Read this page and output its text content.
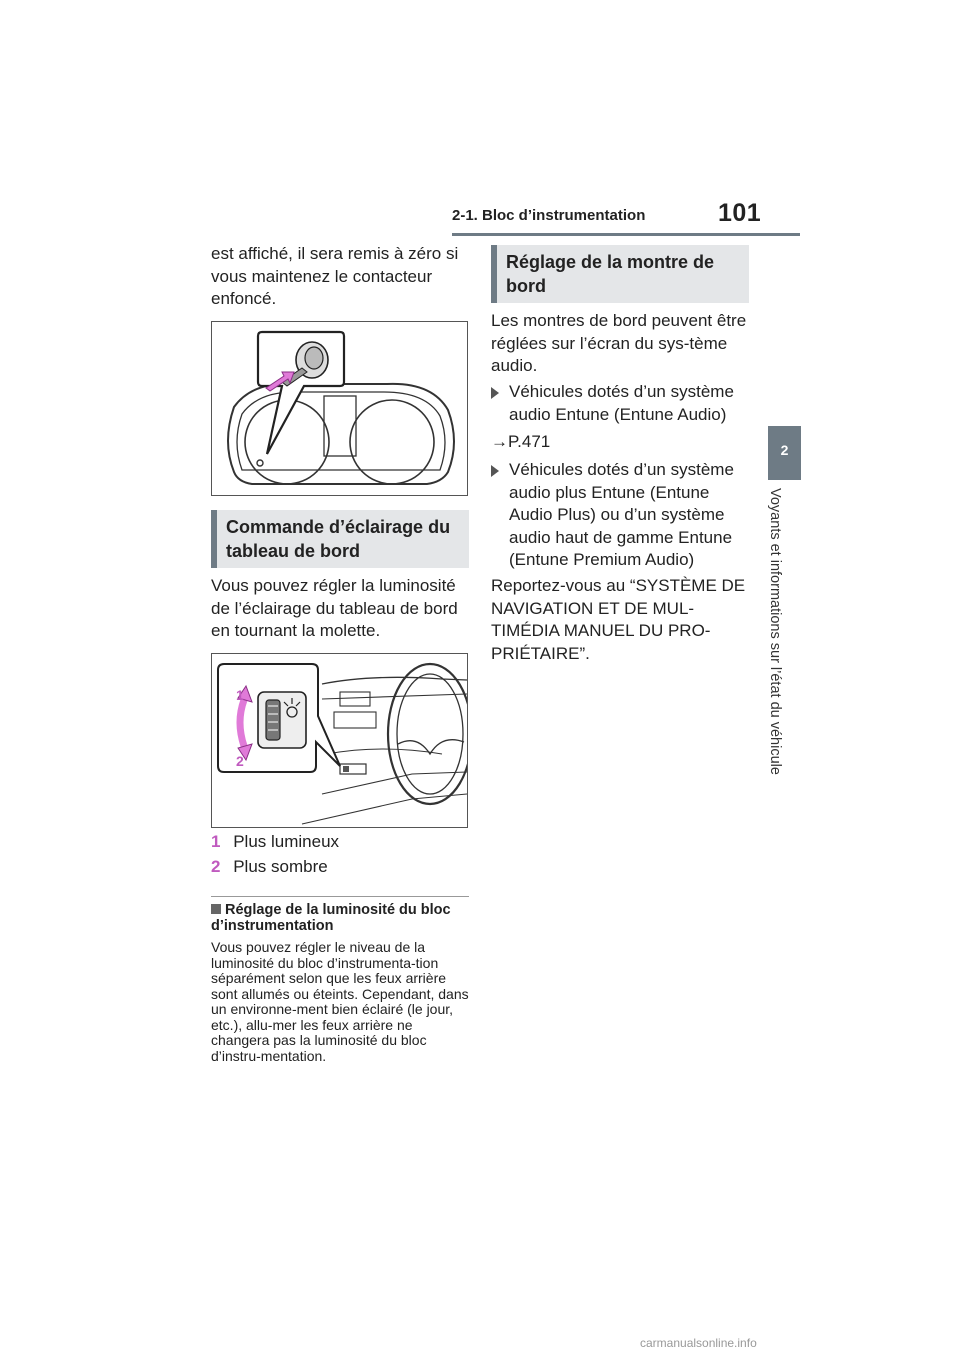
2-1. Bloc d’instrumentation	101
2
Voyants et informations sur l’état du véhicule
est affiché, il sera remis à zéro si vous maintenez le contacteur enfoncé.
Commande d’éclairage du tableau de bord
Vous pouvez régler la luminosité de l’éclairage du tableau de bord en tournant la molette.
1
2
1 Plus lumineux
2 Plus sombre
Réglage de la luminosité du bloc d’instrumentation
Vous pouvez régler le niveau de la luminosité du bloc d’instrumenta-tion séparément selon que les feux arrière sont allumés ou éteints. Cependant, dans un environne-ment bien éclairé (le jour, etc.), allu-mer les feux arrière ne changera pas la luminosité du bloc d’instru-mentation.
Réglage de la montre de bord
Les montres de bord peuvent être réglées sur l’écran du sys-tème audio.
Véhicules dotés d’un système audio Entune (Entune Audio)
→P.471
Véhicules dotés d’un système audio plus Entune (Entune Audio Plus) ou d’un système audio haut de gamme Entune (Entune Premium Audio)
Reportez-vous au “SYSTÈME DE NAVIGATION ET DE MUL-TIMÉDIA MANUEL DU PRO-PRIÉTAIRE”.
carmanualsonline.info
